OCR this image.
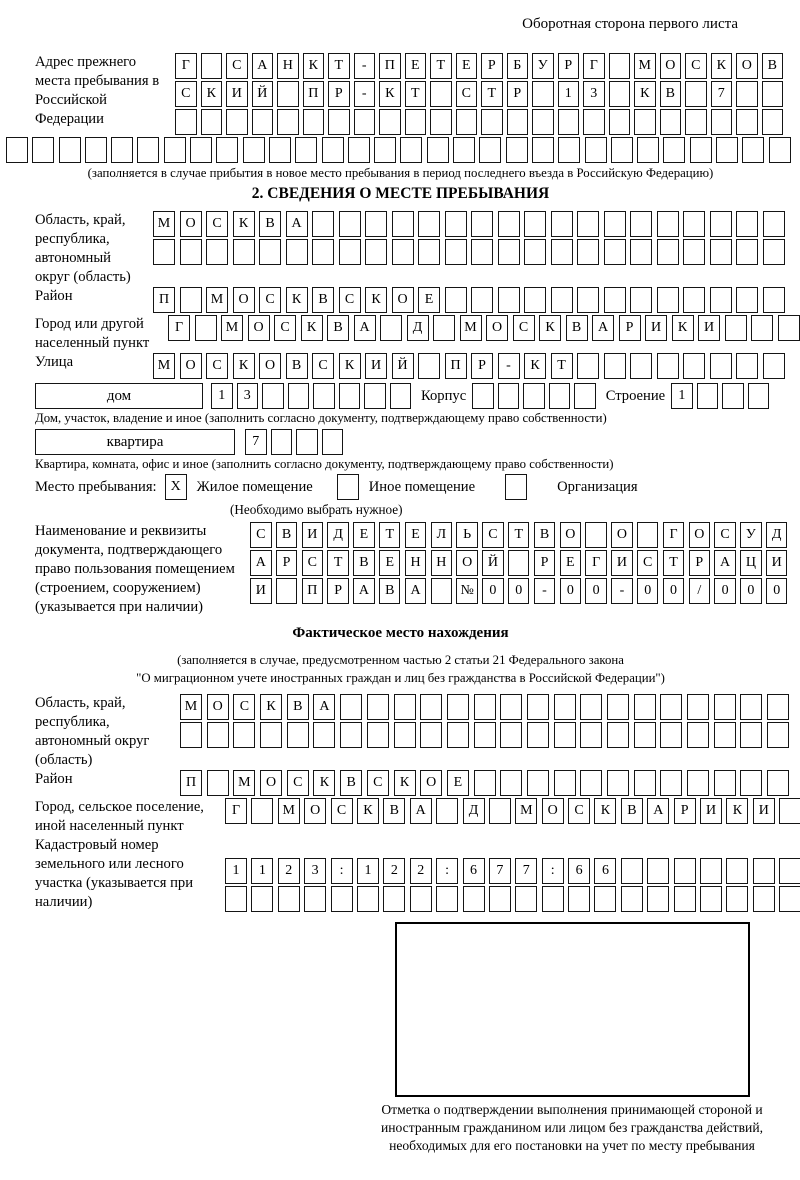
Оборотная сторона первого листа
Адрес прежнего места пребывания в Российской Федерации
Г	С	А	Н	К	Т	-	П	Е	Т	Е	Р	Б	У	Р	Г	М	О	С	К	О	В
С	К	И	Й	П	Р	-	К	Т	С	Т	Р	1	3	К	В	7
(заполняется в случае прибытия в новое место пребывания в период последнего въезда в Российскую Федерацию)
2. СВЕДЕНИЯ О МЕСТЕ ПРЕБЫВАНИЯ
Область, край, республика, автономный округ (область)
М	О	С	К	В	А
Район	П	М	О	С	К	В	С	К	О	Е
Город или другой населенный пункт
Г	М	О	С	К	В	А	Д	М	О	С	К	В	А	Р	И	К	И
Улица	М	О	С	К	О	В	С	К	И	Й	П	Р	-	К	Т
дом	1	3	Корпус	Строение 1
Дом, участок, владение и иное (заполнить согласно документу, подтверждающему право собственности)
квартира	7
Квартира, комната, офис и иное (заполнить согласно документу, подтверждающему право собственности)
Место пребывания: X	Жилое помещение	Иное помещение	Организация
(Необходимо выбрать нужное)
Наименование и реквизиты документа, подтверждающего право пользования помещением (строением, сооружением) (указывается при наличии)
С	В	И	Д	Е	Т	Е	Л	Ь	С	Т	В	О	О	Г	О	С	У	Д
А	Р	С	Т	В	Е	Н	Н	О	Й	Р	Е	Г	И	С	Т	Р	А	Ц	И
И	П	Р	А	В	А	№	0	0	-	0	0	-	0	0	/	0	0	0
Фактическое место нахождения
(заполняется в случае, предусмотренном частью 2 статьи 21 Федерального закона
"О миграционном учете иностранных граждан и лиц без гражданства в Российской Федерации")
Область, край, республика, автономный округ (область)
М	О	С	К	В	А
Район	П	М	О	С	К	В	С	К	О	Е
Город, сельское поселение, иной населенный пункт
Г	М	О	С	К	В	А	Д	М	О	С	К	В	А	Р	И	К	И
Кадастровый номер земельного или лесного участка (указывается при наличии)
1	1	2	3	:	1	2	2	:	6	7	7	:	6	6
Отметка о подтверждении выполнения принимающей стороной и иностранным гражданином или лицом без гражданства действий, необходимых для его постановки на учет по месту пребывания
